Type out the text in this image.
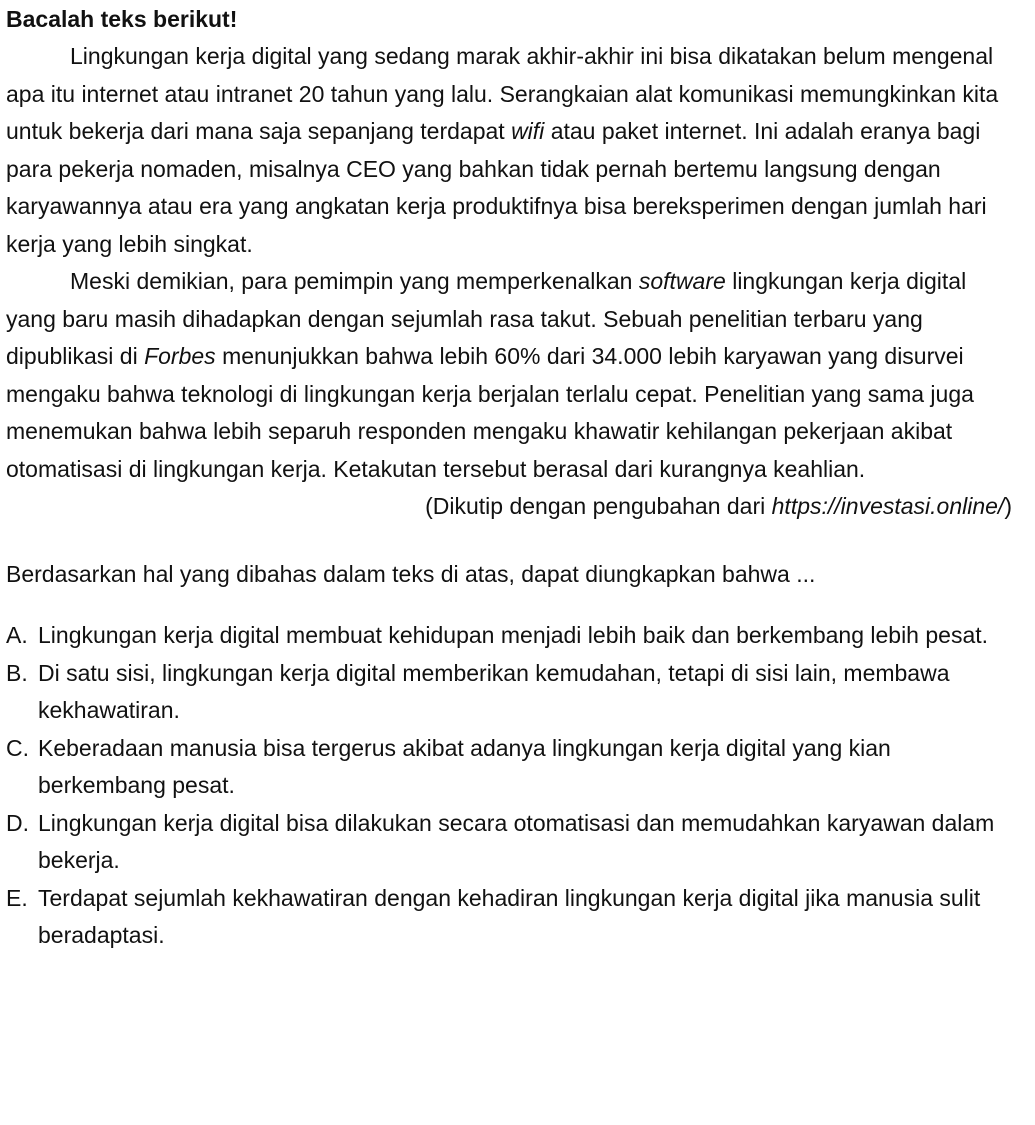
Bacalah teks berikut!

Lingkungan kerja digital yang sedang marak akhir-akhir ini bisa dikatakan belum mengenal apa itu internet atau intranet 20 tahun yang lalu. Serangkaian alat komunikasi memungkinkan kita untuk bekerja dari mana saja sepanjang terdapat wifi atau paket internet. Ini adalah eranya bagi para pekerja nomaden, misalnya CEO yang bahkan tidak pernah bertemu langsung dengan karyawannya atau era yang angkatan kerja produktifnya bisa bereksperimen dengan jumlah hari kerja yang lebih singkat.

Meski demikian, para pemimpin yang memperkenalkan software lingkungan kerja digital yang baru masih dihadapkan dengan sejumlah rasa takut. Sebuah penelitian terbaru yang dipublikasi di Forbes menunjukkan bahwa lebih 60% dari 34.000 lebih karyawan yang disurvei mengaku bahwa teknologi di lingkungan kerja berjalan terlalu cepat. Penelitian yang sama juga menemukan bahwa lebih separuh responden mengaku khawatir kehilangan pekerjaan akibat otomatisasi di lingkungan kerja. Ketakutan tersebut berasal dari kurangnya keahlian.

(Dikutip dengan pengubahan dari https://investasi.online/)

Berdasarkan hal yang dibahas dalam teks di atas, dapat diungkapkan bahwa ...

A. Lingkungan kerja digital membuat kehidupan menjadi lebih baik dan berkembang lebih pesat.
B. Di satu sisi, lingkungan kerja digital memberikan kemudahan, tetapi di sisi lain, membawa kekhawatiran.
C. Keberadaan manusia bisa tergerus akibat adanya lingkungan kerja digital yang kian berkembang pesat.
D. Lingkungan kerja digital bisa dilakukan secara otomatisasi dan memudahkan karyawan dalam bekerja.
E. Terdapat sejumlah kekhawatiran dengan kehadiran lingkungan kerja digital jika manusia sulit beradaptasi.
